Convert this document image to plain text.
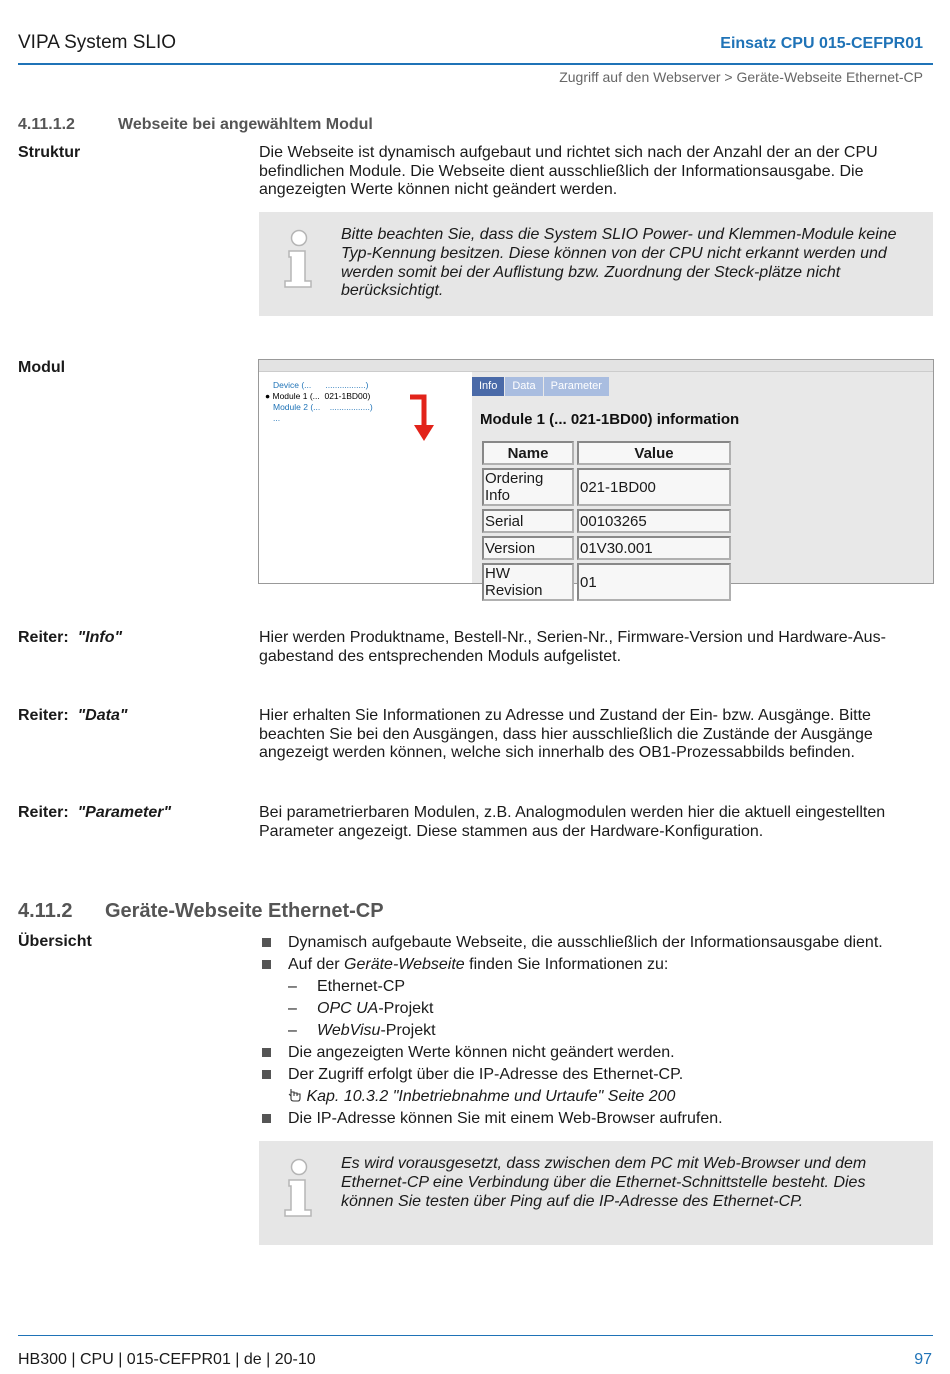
VIPA System SLIO	Einsatz CPU 015-CEFPR01
Zugriff auf den Webserver > Geräte-Webseite Ethernet-CP
4.11.1.2	Webseite bei angewähltem Modul
Struktur	Die Webseite ist dynamisch aufgebaut und richtet sich nach der Anzahl der an der CPU befindlichen Module. Die Webseite dient ausschließlich der Informationsausgabe. Die angezeigten Werte können nicht geändert werden.
Bitte beachten Sie, dass die System SLIO Power- und Klemmen-Module keine Typ-Kennung besitzen. Diese können von der CPU nicht erkannt werden und werden somit bei der Auflistung bzw. Zuordnung der Steck-plätze nicht berücksichtigt.
Modul
Device (...      .................)
● Module 1 (...  021-1BD00)
Module 2 (...    .................)
...
Info	Data	Parameter
Module 1 (... 021-1BD00) information
Name	Value
Ordering Info	021-1BD00
Serial	00103265
Version	01V30.001
HW Revision	01
Reiter: "Info"	Hier werden Produktname, Bestell-Nr., Serien-Nr., Firmware-Version und Hardware-Aus-gabestand des entsprechenden Moduls aufgelistet.
Reiter: "Data"	Hier erhalten Sie Informationen zu Adresse und Zustand der Ein- bzw. Ausgänge. Bitte beachten Sie bei den Ausgängen, dass hier ausschließlich die Zustände der Ausgänge angezeigt werden können, welche sich innerhalb des OB1-Prozessabbilds befinden.
Reiter: "Parameter"	Bei parametrierbaren Modulen, z.B. Analogmodulen werden hier die aktuell eingestellten Parameter angezeigt. Diese stammen aus der Hardware-Konfiguration.
4.11.2 Geräte-Webseite Ethernet-CP
Übersicht	Dynamisch aufgebaute Webseite, die ausschließlich der Informationsausgabe dient.
Auf der Geräte-Webseite finden Sie Informationen zu:
– Ethernet-CP
– OPC UA-Projekt
– WebVisu-Projekt
Die angezeigten Werte können nicht geändert werden.
Der Zugriff erfolgt über die IP-Adresse des Ethernet-CP.
Kap. 10.3.2 "Inbetriebnahme und Urtaufe" Seite 200
Die IP-Adresse können Sie mit einem Web-Browser aufrufen.
Es wird vorausgesetzt, dass zwischen dem PC mit Web-Browser und dem Ethernet-CP eine Verbindung über die Ethernet-Schnittstelle besteht. Dies können Sie testen über Ping auf die IP-Adresse des Ethernet-CP.
HB300 | CPU | 015-CEFPR01 | de | 20-10	97
